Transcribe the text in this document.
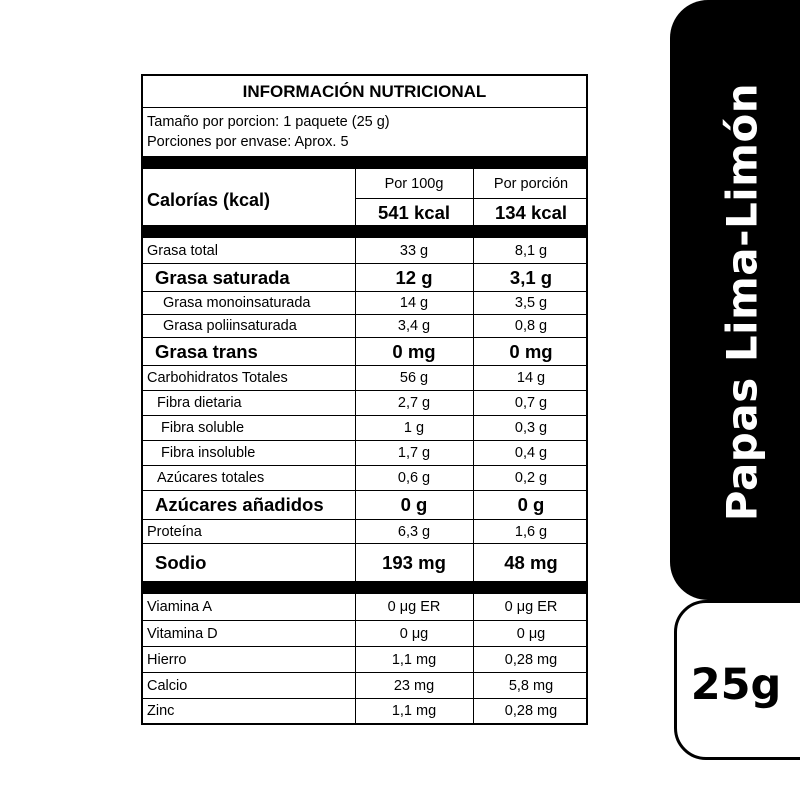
INFORMACIÓN NUTRICIONAL
Tamaño por porcion: 1 paquete (25 g)
Porciones por envase: Aprox. 5
Calorías (kcal)
Por 100g	Por porción
541 kcal	134 kcal
Grasa total	33 g	8,1 g
Grasa saturada	12 g	3,1 g
Grasa monoinsaturada	14 g	3,5 g
Grasa poliinsaturada	3,4 g	0,8 g
Grasa trans	0 mg	0 mg
Carbohidratos Totales	56 g	14 g
Fibra dietaria	2,7 g	0,7 g
Fibra soluble	1 g	0,3 g
Fibra insoluble	1,7 g	0,4 g
Azúcares totales	0,6 g	0,2 g
Azúcares añadidos	0 g	0 g
Proteína	6,3 g	1,6 g
Sodio	193 mg	48 mg
Viamina A	0 μg ER	0 μg ER
Vitamina D	0 μg	0 μg
Hierro	1,1 mg	0,28 mg
Calcio	23 mg	5,8 mg
Zinc	1,1 mg	0,28 mg
Papas Lima-Limón
25g
